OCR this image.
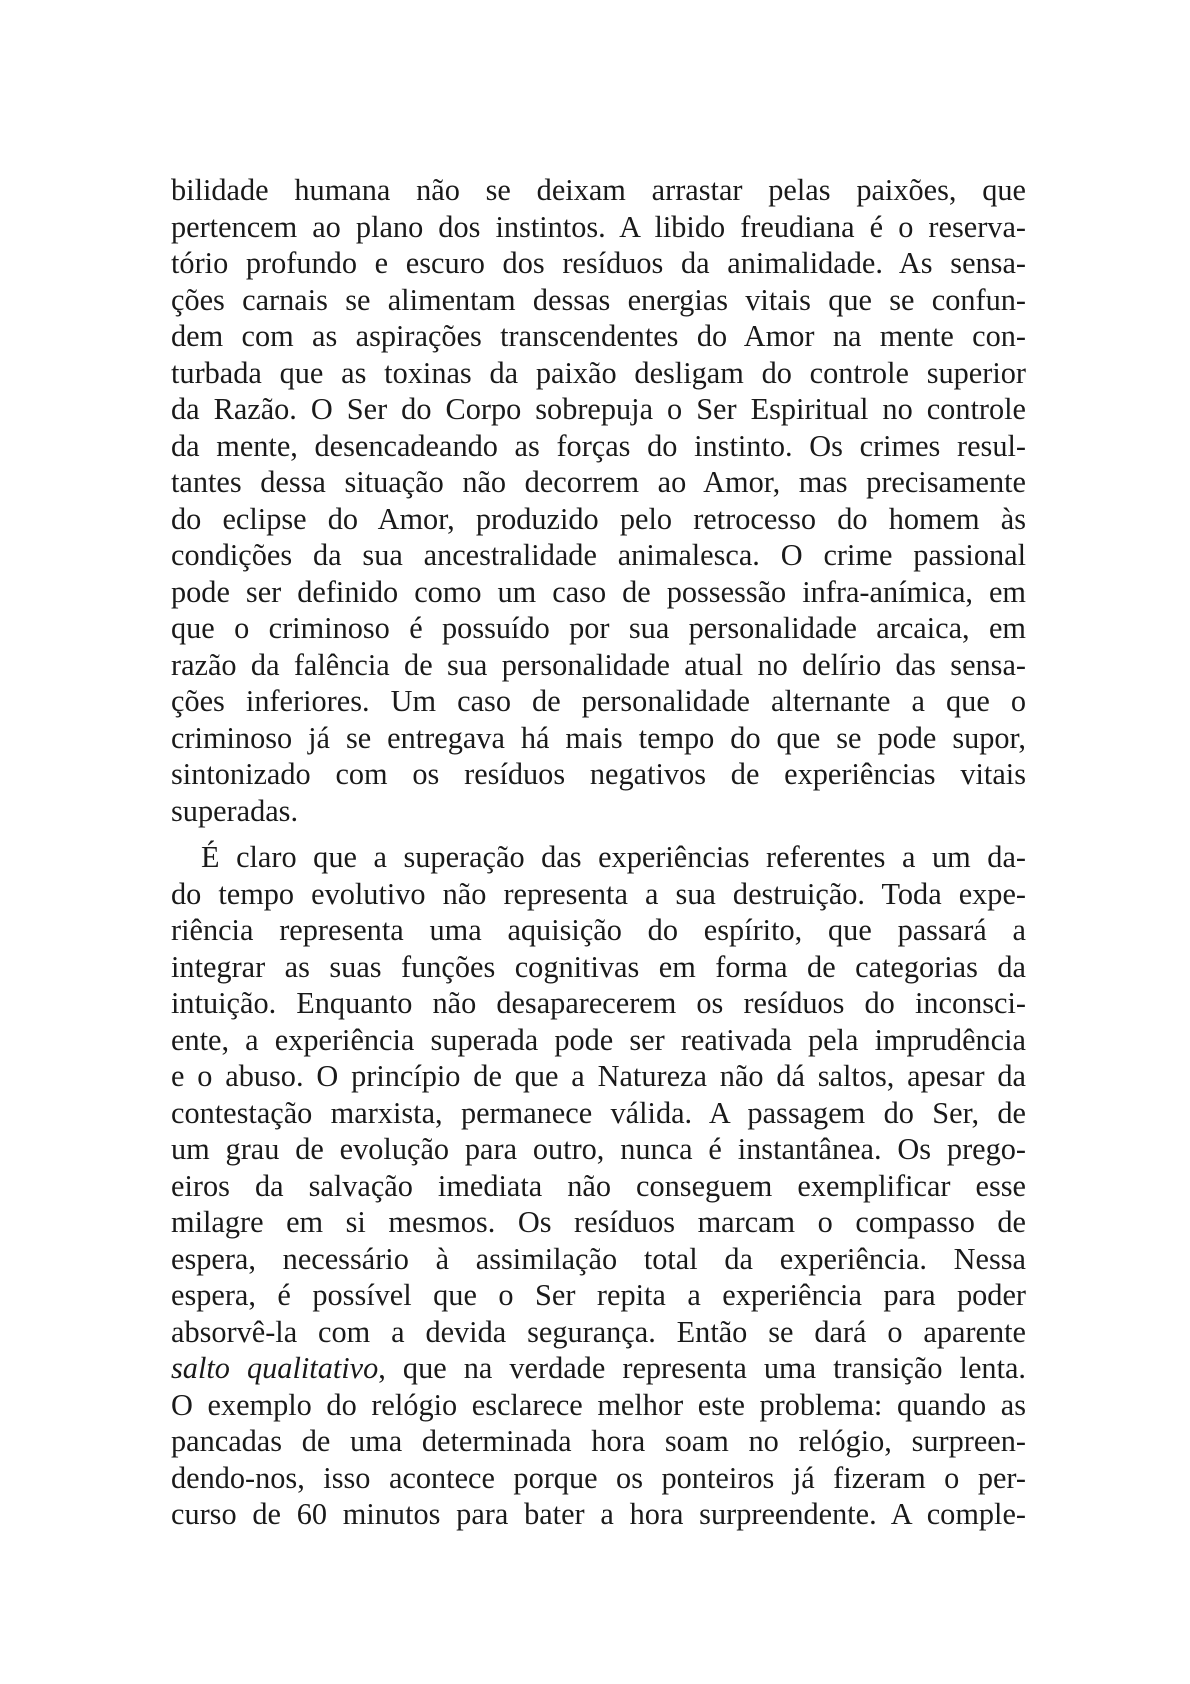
bilidade humana não se deixam arrastar pelas paixões, que
pertencem ao plano dos instintos. A libido freudiana é o reserva-
tório profundo e escuro dos resíduos da animalidade. As sensa-
ções carnais se alimentam dessas energias vitais que se confun-
dem com as aspirações transcendentes do Amor na mente con-
turbada que as toxinas da paixão desligam do controle superior
da Razão. O Ser do Corpo sobrepuja o Ser Espiritual no controle
da mente, desencadeando as forças do instinto. Os crimes resul-
tantes dessa situação não decorrem ao Amor, mas precisamente
do eclipse do Amor, produzido pelo retrocesso do homem às
condições da sua ancestralidade animalesca. O crime passional
pode ser definido como um caso de possessão infra-anímica, em
que o criminoso é possuído por sua personalidade arcaica, em
razão da falência de sua personalidade atual no delírio das sensa-
ções inferiores. Um caso de personalidade alternante a que o
criminoso já se entregava há mais tempo do que se pode supor,
sintonizado com os resíduos negativos de experiências vitais
superadas.
É claro que a superação das experiências referentes a um da-
do tempo evolutivo não representa a sua destruição. Toda expe-
riência representa uma aquisição do espírito, que passará a
integrar as suas funções cognitivas em forma de categorias da
intuição. Enquanto não desaparecerem os resíduos do inconsci-
ente, a experiência superada pode ser reativada pela imprudência
e o abuso. O princípio de que a Natureza não dá saltos, apesar da
contestação marxista, permanece válida. A passagem do Ser, de
um grau de evolução para outro, nunca é instantânea. Os prego-
eiros da salvação imediata não conseguem exemplificar esse
milagre em si mesmos. Os resíduos marcam o compasso de
espera, necessário à assimilação total da experiência. Nessa
espera, é possível que o Ser repita a experiência para poder
absorvê-la com a devida segurança. Então se dará o aparente
salto qualitativo, que na verdade representa uma transição lenta.
O exemplo do relógio esclarece melhor este problema: quando as
pancadas de uma determinada hora soam no relógio, surpreen-
dendo-nos, isso acontece porque os ponteiros já fizeram o per-
curso de 60 minutos para bater a hora surpreendente. A comple-
